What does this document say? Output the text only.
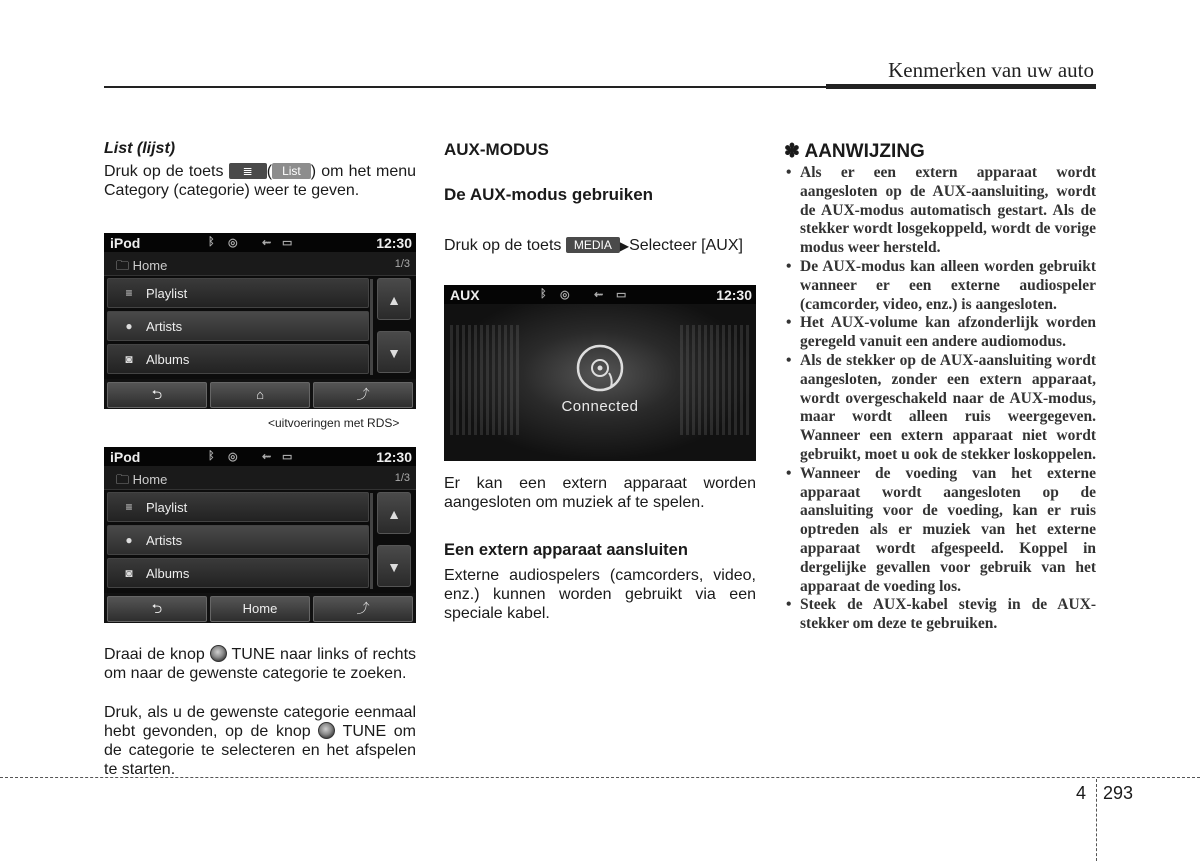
Kenmerken van uw auto
List (lijst)
Druk op de toets ≣ ( List ) om het menu Category (categorie) weer te geven.
iPod	ᛒ ◎ ⇜ ▭	12:30
🗀 Home	1/3
≡ Playlist
● Artists
◙ Albums
▲
▼
⮌	⌂	⤴
<uitvoeringen met RDS>
iPod	ᛒ ◎ ⇜ ▭	12:30
🗀 Home	1/3
≡ Playlist
● Artists
◙ Albums
▲
▼
⮌	Home	⤴
Draai de knop TUNE naar links of rechts om naar de gewenste categorie te zoeken.
Druk, als u de gewenste categorie eenmaal hebt gevonden, op de knop TUNE om de categorie te selecteren en het afspelen te starten.
AUX-MODUS
De AUX-modus gebruiken
Druk op de toets MEDIA ▶Selecteer [AUX]
AUX	ᛒ ◎ ⇜ ▭	12:30
Connected
Er kan een extern apparaat worden aangesloten om muziek af te spelen.
Een extern apparaat aansluiten
Externe audiospelers (camcorders, video, enz.) kunnen worden gebruikt via een speciale kabel.
✽ AANWIJZING
• Als er een extern apparaat wordt aangesloten op de AUX-aansluiting, wordt de AUX-modus automatisch gestart. Als de stekker wordt losgekoppeld, wordt de vorige modus weer hersteld.
• De AUX-modus kan alleen worden gebruikt wanneer er een externe audiospeler (camcorder, video, enz.) is aangesloten.
• Het AUX-volume kan afzonderlijk worden geregeld vanuit een andere audiomodus.
• Als de stekker op de AUX-aansluiting wordt aangesloten, zonder een extern apparaat, wordt overgeschakeld naar de AUX-modus, maar wordt alleen ruis weergegeven. Wanneer een extern apparaat niet wordt gebruikt, moet u ook de stekker loskoppelen.
• Wanneer de voeding van het externe apparaat wordt aangesloten op de aansluiting voor de voeding, kan er ruis optreden als er muziek van het externe apparaat wordt afgespeeld. Koppel in dergelijke gevallen voor gebruik van het apparaat de voeding los.
• Steek de AUX-kabel stevig in de AUX-stekker om deze te gebruiken.
4 293
